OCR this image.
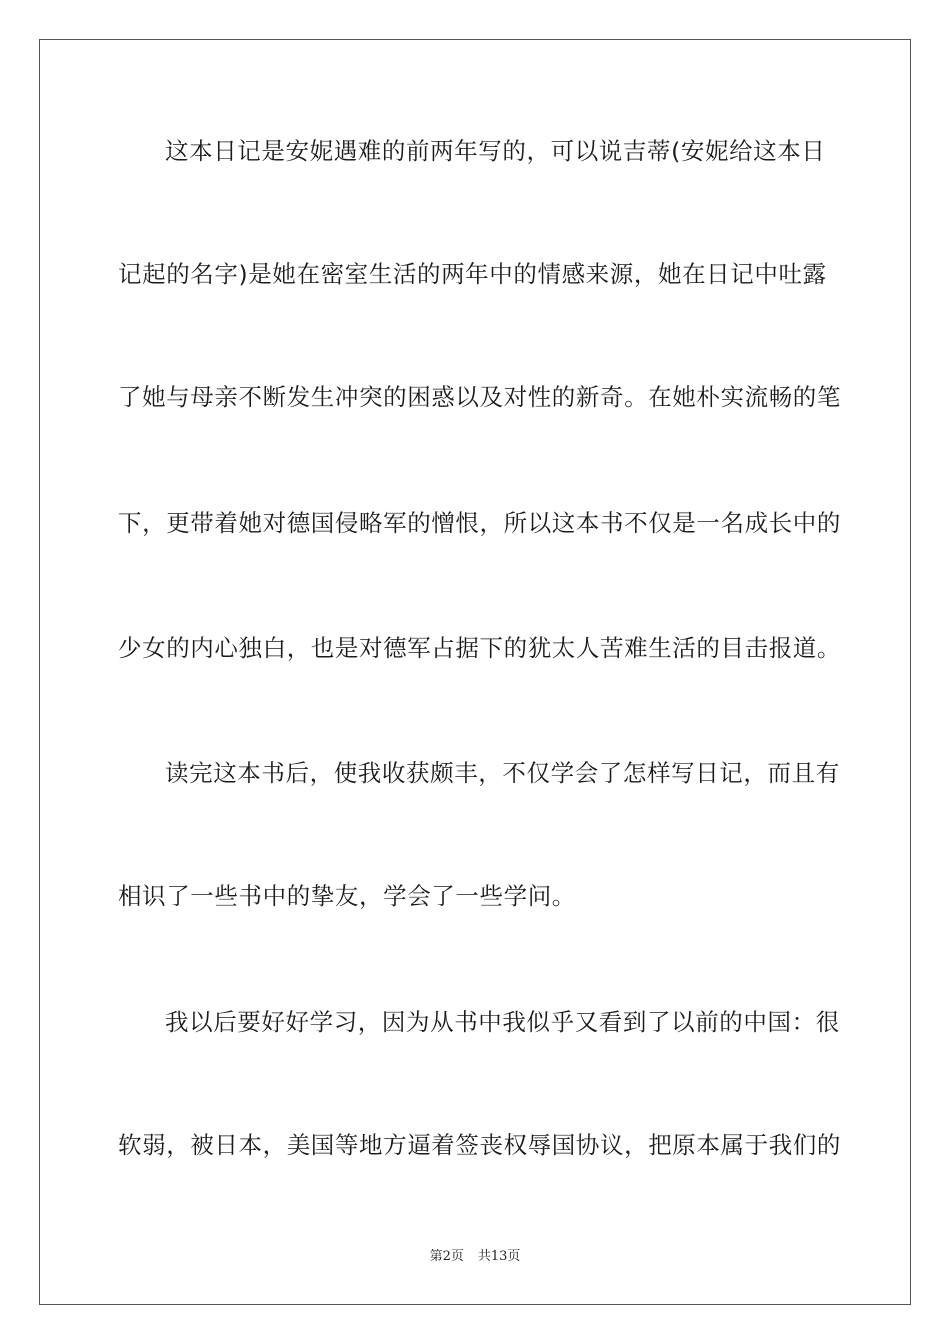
这本日记是安妮遇难的前两年写的，可以说吉蒂(安妮给这本日
记起的名字)是她在密室生活的两年中的情感来源，她在日记中吐露
了她与母亲不断发生冲突的困惑以及对性的新奇。在她朴实流畅的笔
下，更带着她对德国侵略军的憎恨，所以这本书不仅是一名成长中的
少女的内心独白，也是对德军占据下的犹太人苦难生活的目击报道。
读完这本书后，使我收获颇丰，不仅学会了怎样写日记，而且有
相识了一些书中的挚友，学会了一些学问。
我以后要好好学习，因为从书中我似乎又看到了以前的中国：很
软弱，被日本，美国等地方逼着签丧权辱国协议，把原本属于我们的
第2页 共13页
